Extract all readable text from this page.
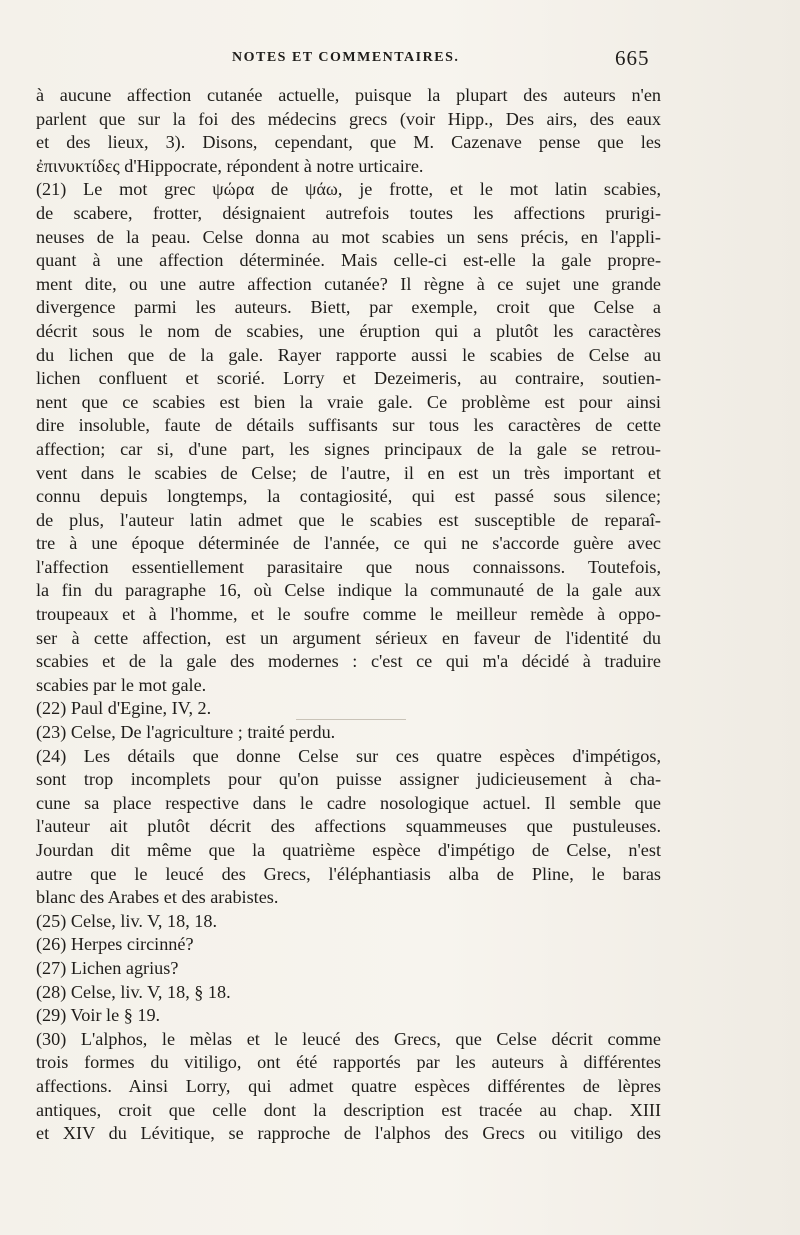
NOTES ET COMMENTAIRES.	665
à aucune affection cutanée actuelle, puisque la plupart des auteurs n'en
parlent que sur la foi des médecins grecs (voir Hipp., Des airs, des eaux
et des lieux, 3). Disons, cependant, que M. Cazenave pense que les
ἐπινυκτίδες d'Hippocrate, répondent à notre urticaire.
(21) Le mot grec ψώρα de ψάω, je frotte, et le mot latin scabies,
de scabere, frotter, désignaient autrefois toutes les affections prurigi-
neuses de la peau. Celse donna au mot scabies un sens précis, en l'appli-
quant à une affection déterminée. Mais celle-ci est-elle la gale propre-
ment dite, ou une autre affection cutanée? Il règne à ce sujet une grande
divergence parmi les auteurs. Biett, par exemple, croit que Celse a
décrit sous le nom de scabies, une éruption qui a plutôt les caractères
du lichen que de la gale. Rayer rapporte aussi le scabies de Celse au
lichen confluent et scorié. Lorry et Dezeimeris, au contraire, soutien-
nent que ce scabies est bien la vraie gale. Ce problème est pour ainsi
dire insoluble, faute de détails suffisants sur tous les caractères de cette
affection; car si, d'une part, les signes principaux de la gale se retrou-
vent dans le scabies de Celse; de l'autre, il en est un très important et
connu depuis longtemps, la contagiosité, qui est passé sous silence;
de plus, l'auteur latin admet que le scabies est susceptible de reparaî-
tre à une époque déterminée de l'année, ce qui ne s'accorde guère avec
l'affection essentiellement parasitaire que nous connaissons. Toutefois,
la fin du paragraphe 16, où Celse indique la communauté de la gale aux
troupeaux et à l'homme, et le soufre comme le meilleur remède à oppo-
ser à cette affection, est un argument sérieux en faveur de l'identité du
scabies et de la gale des modernes : c'est ce qui m'a décidé à traduire
scabies par le mot gale.
(22) Paul d'Egine, IV, 2.
(23) Celse, De l'agriculture ; traité perdu.
(24) Les détails que donne Celse sur ces quatre espèces d'impétigos,
sont trop incomplets pour qu'on puisse assigner judicieusement à cha-
cune sa place respective dans le cadre nosologique actuel. Il semble que
l'auteur ait plutôt décrit des affections squammeuses que pustuleuses.
Jourdan dit même que la quatrième espèce d'impétigo de Celse, n'est
autre que le leucé des Grecs, l'éléphantiasis alba de Pline, le baras
blanc des Arabes et des arabistes.
(25) Celse, liv. V, 18, 18.
(26) Herpes circinné?
(27) Lichen agrius?
(28) Celse, liv. V, 18, § 18.
(29) Voir le § 19.
(30) L'alphos, le mèlas et le leucé des Grecs, que Celse décrit comme
trois formes du vitiligo, ont été rapportés par les auteurs à différentes
affections. Ainsi Lorry, qui admet quatre espèces différentes de lèpres
antiques, croit que celle dont la description est tracée au chap. XIII
et XIV du Lévitique, se rapproche de l'alphos des Grecs ou vitiligo des
